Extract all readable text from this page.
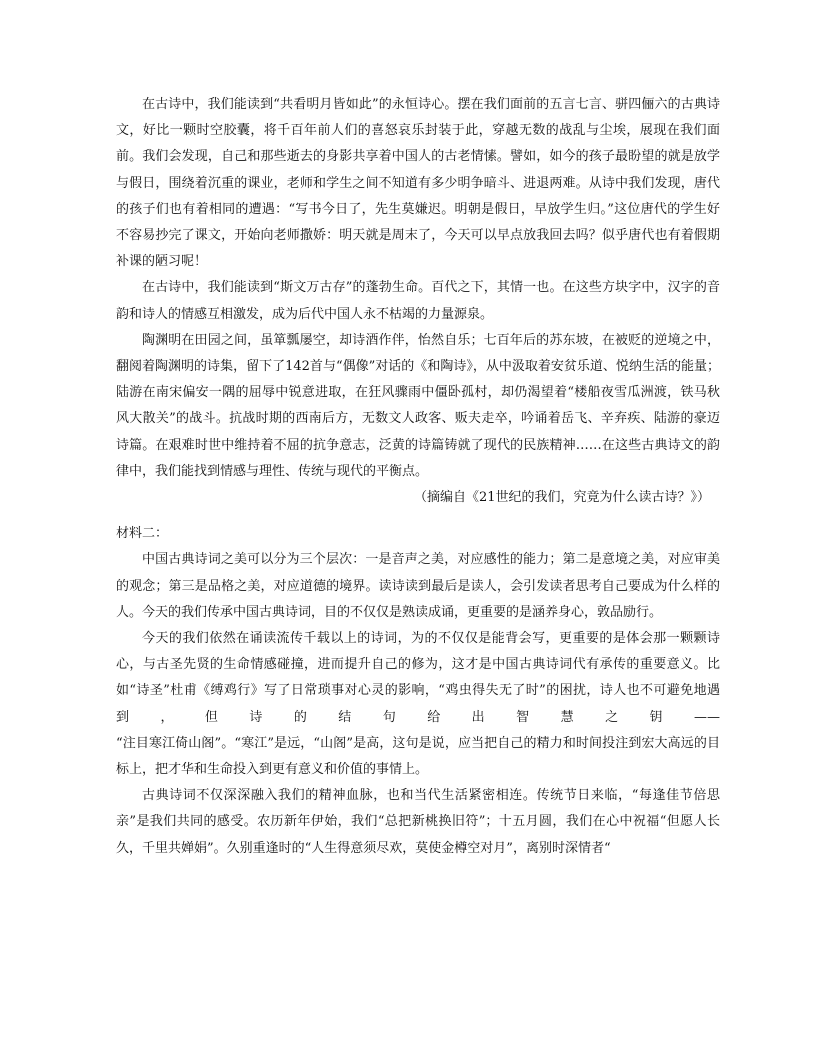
在古诗中，我们能读到“共看明月皆如此”的永恒诗心。摆在我们面前的五言七言、骈四俪六的古典诗文，好比一颗时空胶囊，将千百年前人们的喜怒哀乐封装于此，穿越无数的战乱与尘埃，展现在我们面前。我们会发现，自己和那些逝去的身影共享着中国人的古老情愫。譬如，如今的孩子最盼望的就是放学与假日，围绕着沉重的课业，老师和学生之间不知道有多少明争暗斗、进退两难。从诗中我们发现，唐代的孩子们也有着相同的遭遇：“写书今日了，先生莫嫌迟。明朝是假日，早放学生归。”这位唐代的学生好不容易抄完了课文，开始向老师撒娇：明天就是周末了，今天可以早点放我回去吗？似乎唐代也有着假期补课的陋习呢！

在古诗中，我们能读到“斯文万古存”的蓬勃生命。百代之下，其情一也。在这些方块字中，汉字的音韵和诗人的情感互相激发，成为后代中国人永不枯竭的力量源泉。

陶渊明在田园之间，虽箪瓢屡空，却诗酒作伴，怡然自乐；七百年后的苏东坡，在被贬的逆境之中，翻阅着陶渊明的诗集，留下了142首与“偶像”对话的《和陶诗》，从中汲取着安贫乐道、悦纳生活的能量；陆游在南宋偏安一隅的屈辱中锐意进取，在狂风骤雨中僵卧孤村，却仍渴望着“楼船夜雪瓜洲渡，铁马秋风大散关”的战斗。抗战时期的西南后方，无数文人政客、贩夫走卒，吟诵着岳飞、辛弃疾、陆游的豪迈诗篇。在艰难时世中维持着不屈的抗争意志，泛黄的诗篇铸就了现代的民族精神……在这些古典诗文的韵律中，我们能找到情感与理性、传统与现代的平衡点。

（摘编自《21世纪的我们，究竟为什么读古诗？》）

材料二：

中国古典诗词之美可以分为三个层次：一是音声之美，对应感性的能力；第二是意境之美，对应审美的观念；第三是品格之美，对应道德的境界。读诗读到最后是读人，会引发读者思考自己要成为什么样的人。今天的我们传承中国古典诗词，目的不仅仅是熟读成诵，更重要的是涵养身心，敦品励行。

今天的我们依然在诵读流传千载以上的诗词，为的不仅仅是能背会写，更重要的是体会那一颗颗诗心，与古圣先贤的生命情感碰撞，进而提升自己的修为，这才是中国古典诗词代有承传的重要意义。比如“诗圣”杜甫《缚鸡行》写了日常琐事对心灵的影响，“鸡虫得失无了时”的困扰，诗人也不可避免地遇到，但诗的结句给出智慧之钥——

“注目寒江倚山阁”。“寒江”是远，“山阁”是高，这句是说，应当把自己的精力和时间投注到宏大高远的目标上，把才华和生命投入到更有意义和价值的事情上。

古典诗词不仅深深融入我们的精神血脉，也和当代生活紧密相连。传统节日来临，“每逢佳节倍思亲”是我们共同的感受。农历新年伊始，我们“总把新桃换旧符”；十五月圆，我们在心中祝福“但愿人长久，千里共婵娟”。久别重逢时的“人生得意须尽欢，莫使金樽空对月”，离别时深情者“
